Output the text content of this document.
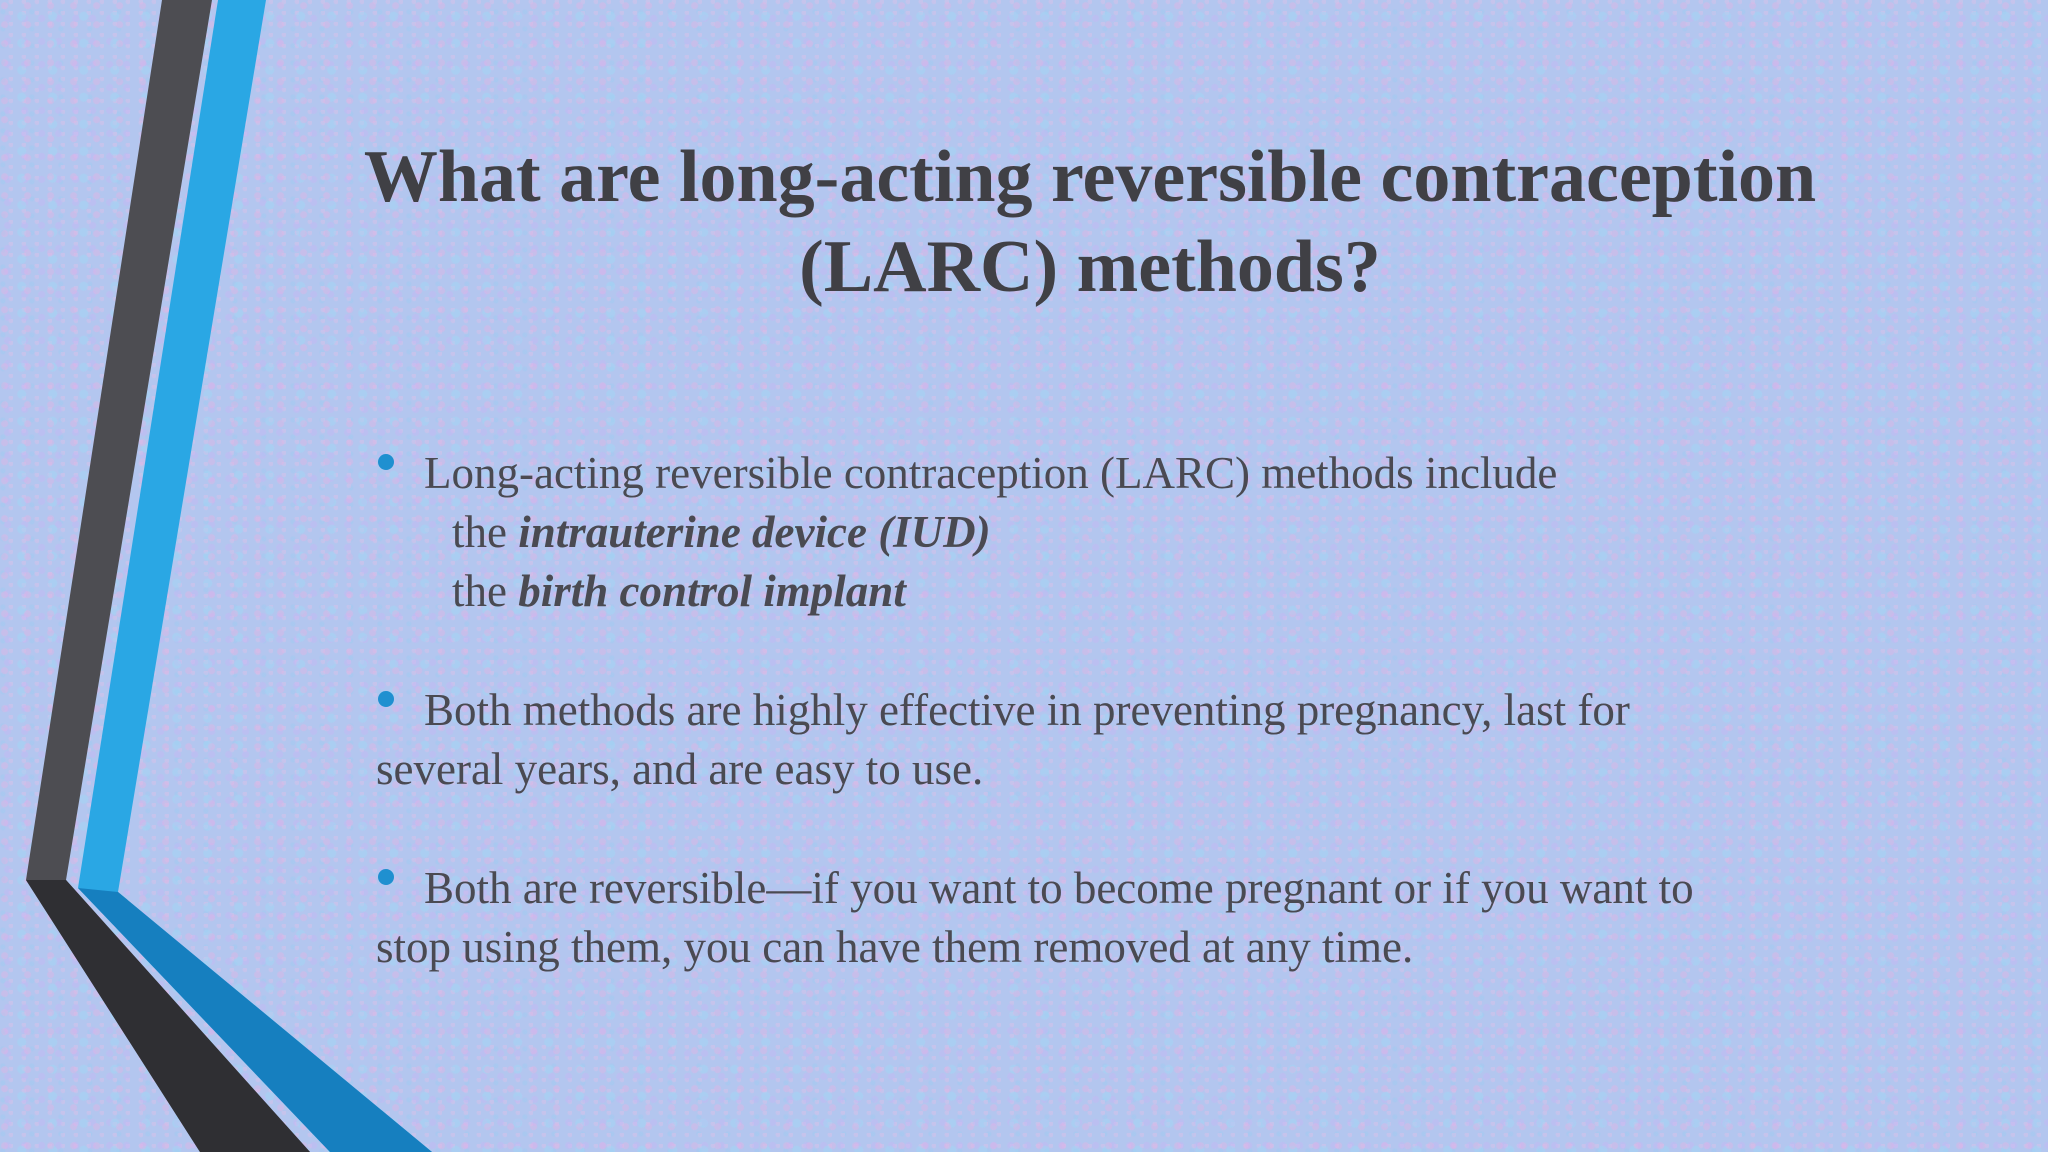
What are long-acting reversible contraception
(LARC) methods?
Long-acting reversible contraception (LARC) methods include
the intrauterine device (IUD)
the birth control implant
Both methods are highly effective in preventing pregnancy, last for
several years, and are easy to use.
Both are reversible—if you want to become pregnant or if you want to
stop using them, you can have them removed at any time.
